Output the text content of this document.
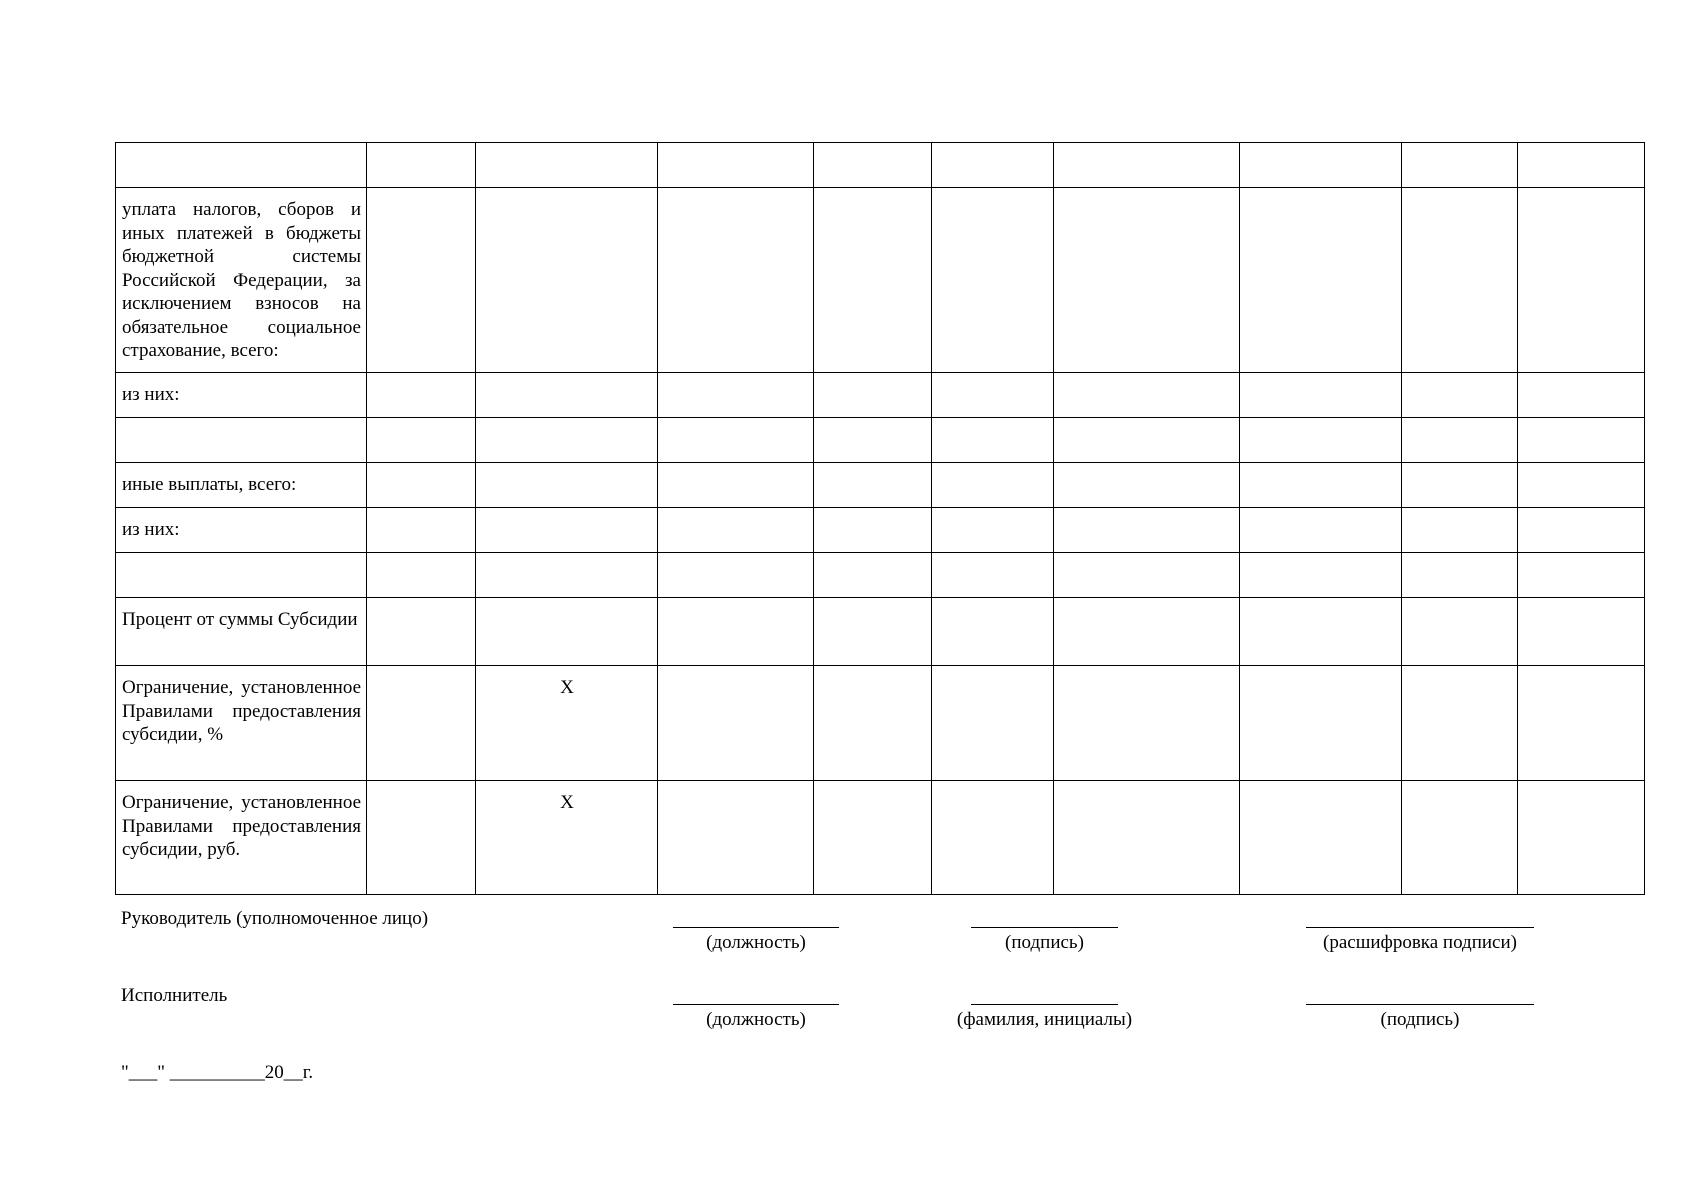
уплата налогов, сборов и иных платежей в бюджеты бюджетной системы Российской Федерации, за исключением взносов на обязательное социальное страхование, всего:									

из них:									

иные выплаты, всего:									

из них:									

Процент от суммы Субсидии									

Ограничение, установленное Правилами предоставления субсидии, %		Х							

Ограничение, установленное Правилами предоставления субсидии, руб.		Х							

Руководитель (уполномоченное лицо)
(должность)	(подпись)	(расшифровка подписи)
Исполнитель
(должность)	(фамилия, инициалы)	(подпись)
"___" __________20__г.
